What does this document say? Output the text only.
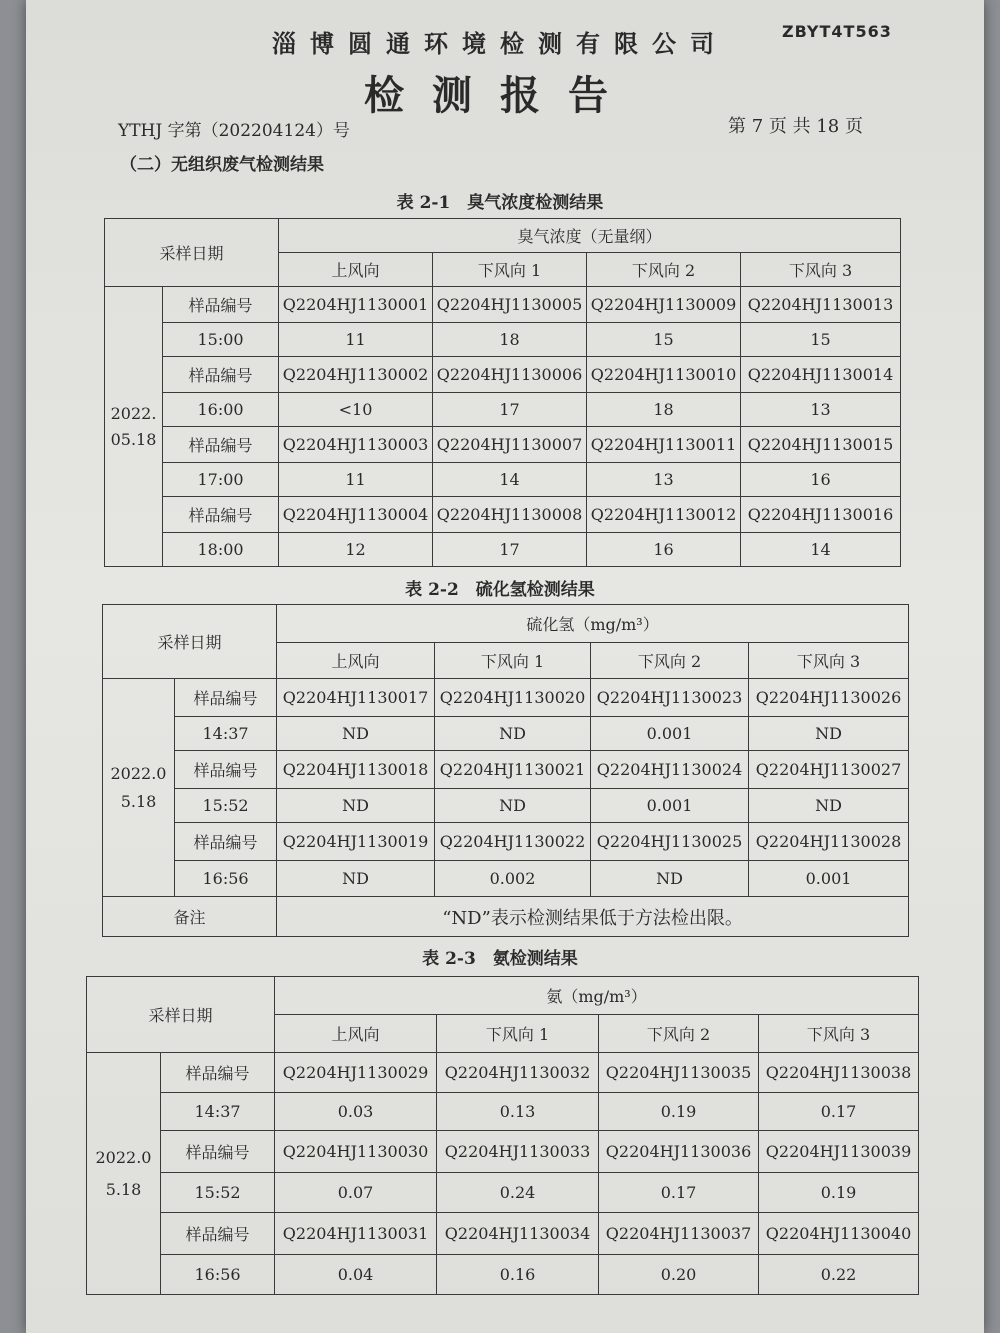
淄博圆通环境检测有限公司	ZBYT4T563
检测报告
YTHJ 字第（202204124）号	第 7 页 共 18 页
（二）无组织废气检测结果
表 2-1　臭气浓度检测结果
采样日期		臭气浓度（无量纲）			
		上风向	下风向 1	下风向 2	下风向 3
2022.05.18	样品编号	Q2204HJ1130001	Q2204HJ1130005	Q2204HJ1130009	Q2204HJ1130013
	15:00	11	18	15	15
	样品编号	Q2204HJ1130002	Q2204HJ1130006	Q2204HJ1130010	Q2204HJ1130014
	16:00	<10	17	18	13
	样品编号	Q2204HJ1130003	Q2204HJ1130007	Q2204HJ1130011	Q2204HJ1130015
	17:00	11	14	13	16
	样品编号	Q2204HJ1130004	Q2204HJ1130008	Q2204HJ1130012	Q2204HJ1130016
	18:00	12	17	16	14
表 2-2　硫化氢检测结果
采样日期		硫化氢（mg/m³）			
		上风向	下风向 1	下风向 2	下风向 3
2022.05.18	样品编号	Q2204HJ1130017	Q2204HJ1130020	Q2204HJ1130023	Q2204HJ1130026
	14:37	ND	ND	0.001	ND
	样品编号	Q2204HJ1130018	Q2204HJ1130021	Q2204HJ1130024	Q2204HJ1130027
	15:52	ND	ND	0.001	ND
	样品编号	Q2204HJ1130019	Q2204HJ1130022	Q2204HJ1130025	Q2204HJ1130028
	16:56	ND	0.002	ND	0.001
备注		“ND”表示检测结果低于方法检出限。			
表 2-3　氨检测结果
采样日期		氨（mg/m³）			
		上风向	下风向 1	下风向 2	下风向 3
2022.05.18	样品编号	Q2204HJ1130029	Q2204HJ1130032	Q2204HJ1130035	Q2204HJ1130038
	14:37	0.03	0.13	0.19	0.17
	样品编号	Q2204HJ1130030	Q2204HJ1130033	Q2204HJ1130036	Q2204HJ1130039
	15:52	0.07	0.24	0.17	0.19
	样品编号	Q2204HJ1130031	Q2204HJ1130034	Q2204HJ1130037	Q2204HJ1130040
	16:56	0.04	0.16	0.20	0.22
